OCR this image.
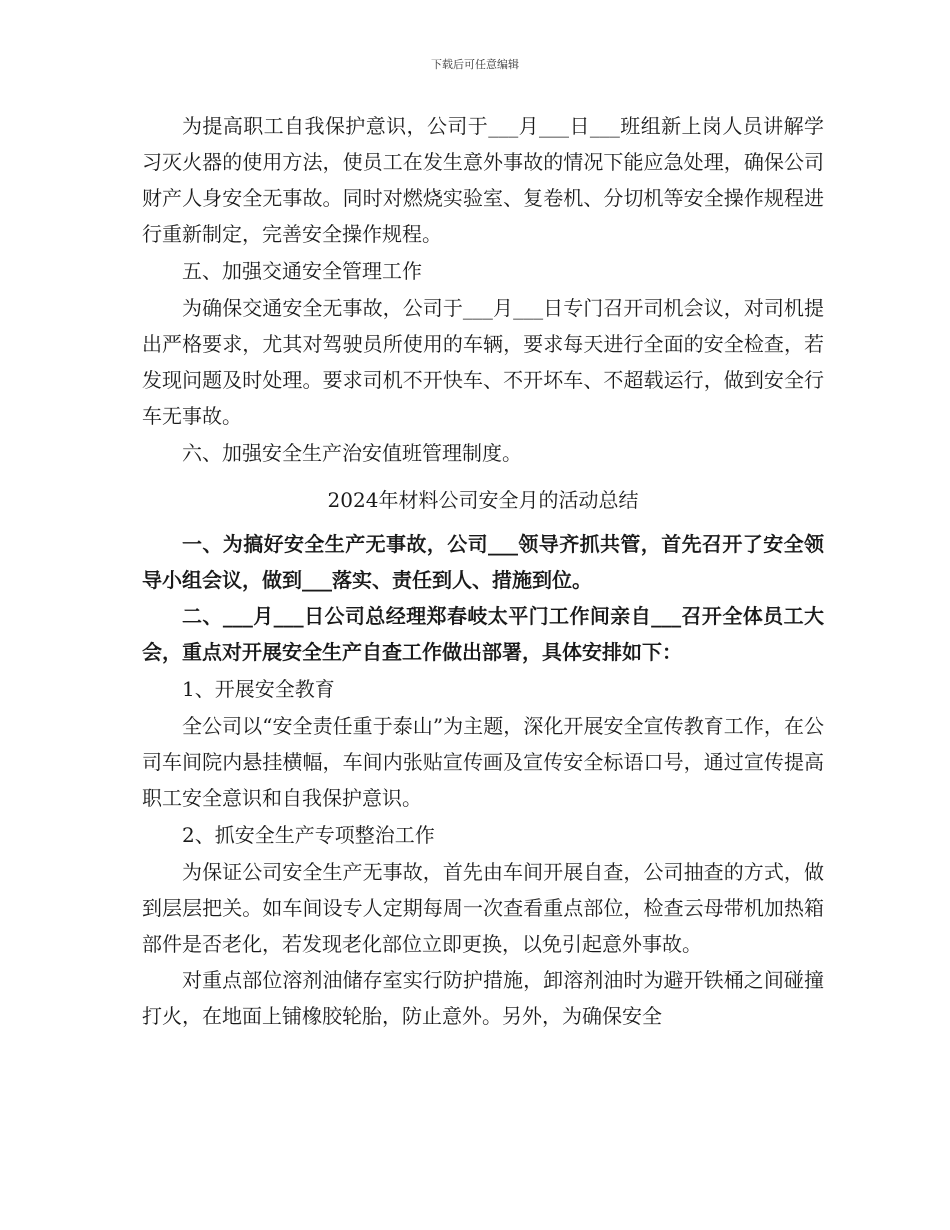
下载后可任意编辑

为提高职工自我保护意识，公司于___月___日___班组新上岗人员讲解学习灭火器的使用方法，使员工在发生意外事故的情况下能应急处理，确保公司财产人身安全无事故。同时对燃烧实验室、复卷机、分切机等安全操作规程进行重新制定，完善安全操作规程。

五、加强交通安全管理工作

为确保交通安全无事故，公司于___月___日专门召开司机会议，对司机提出严格要求，尤其对驾驶员所使用的车辆，要求每天进行全面的安全检查，若发现问题及时处理。要求司机不开快车、不开坏车、不超载运行，做到安全行车无事故。

六、加强安全生产治安值班管理制度。

2024年材料公司安全月的活动总结

一、为搞好安全生产无事故，公司___领导齐抓共管，首先召开了安全领导小组会议，做到___落实、责任到人、措施到位。

二、___月___日公司总经理郑春岐太平门工作间亲自___召开全体员工大会，重点对开展安全生产自查工作做出部署，具体安排如下：

1、开展安全教育

全公司以“安全责任重于泰山”为主题，深化开展安全宣传教育工作，在公司车间院内悬挂横幅，车间内张贴宣传画及宣传安全标语口号，通过宣传提高职工安全意识和自我保护意识。

2、抓安全生产专项整治工作

为保证公司安全生产无事故，首先由车间开展自查，公司抽查的方式，做到层层把关。如车间设专人定期每周一次查看重点部位，检查云母带机加热箱部件是否老化，若发现老化部位立即更换，以免引起意外事故。

对重点部位溶剂油储存室实行防护措施，卸溶剂油时为避开铁桶之间碰撞打火，在地面上铺橡胶轮胎，防止意外。另外，为确保安全
